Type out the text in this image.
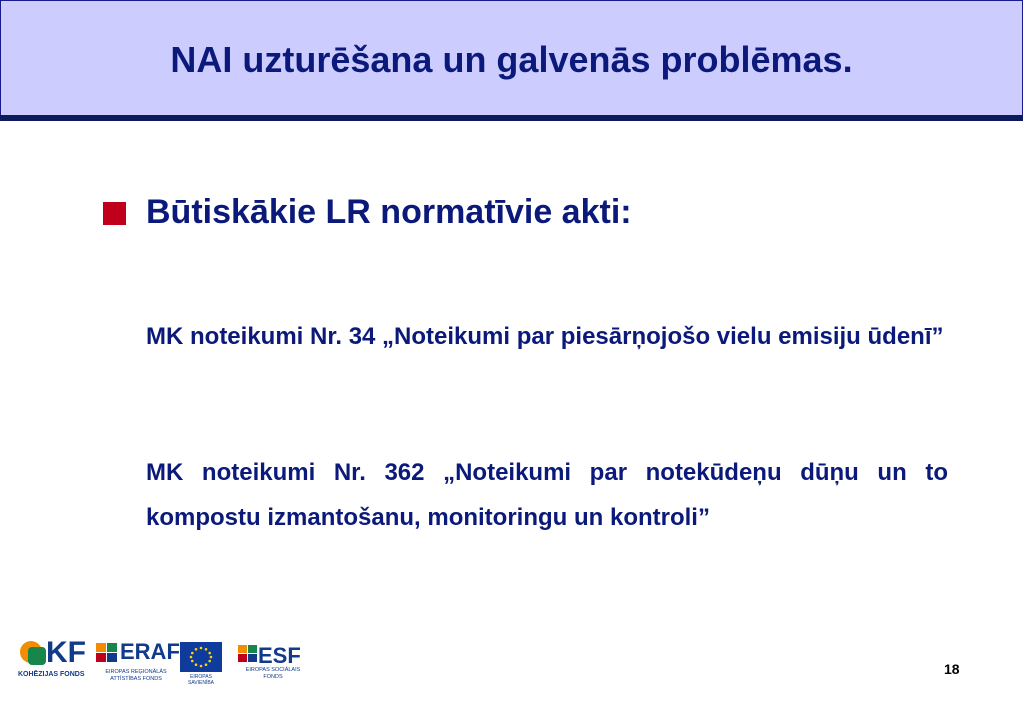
NAI uzturēšana un galvenās problēmas.
Būtiskākie LR normatīvie akti:
MK noteikumi Nr. 34 „Noteikumi par piesārņojošo vielu emisiju ūdenī”
MK noteikumi Nr. 362 „Noteikumi par notekūdeņu dūņu un to kompostu izmantošanu, monitoringu un kontroli”
KF
KOHĒZIJAS FONDS
ERAF
EIROPAS REĢIONĀLĀS ATTĪSTĪBAS FONDS	EIROPAS SAVIENĪBA
ESF
EIROPAS SOCIĀLAIS FONDS	18
